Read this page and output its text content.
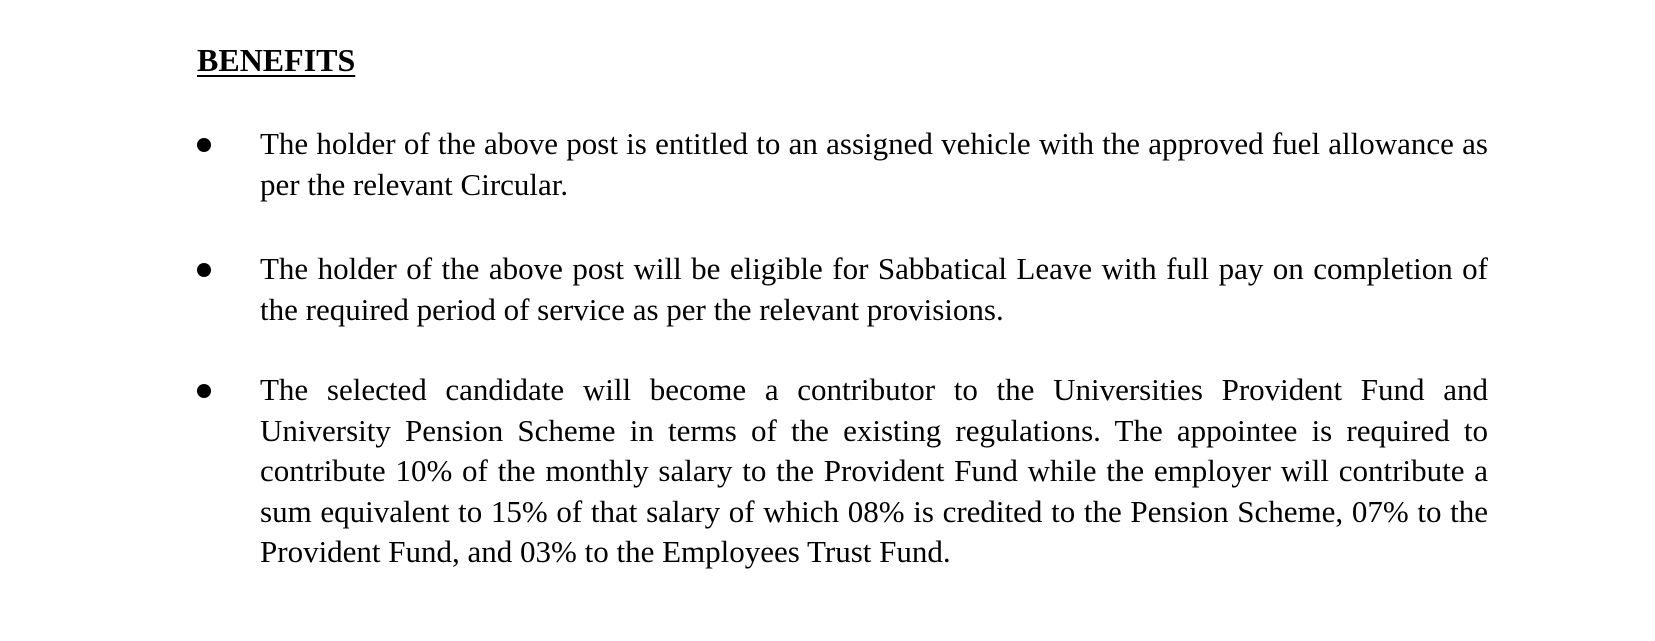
BENEFITS

The holder of the above post is entitled to an assigned vehicle with the approved fuel allowance as per the relevant Circular.

The holder of the above post will be eligible for Sabbatical Leave with full pay on completion of the required period of service as per the relevant provisions.

The selected candidate will become a contributor to the Universities Provident Fund and University Pension Scheme in terms of the existing regulations. The appointee is required to contribute 10% of the monthly salary to the Provident Fund while the employer will contribute a sum equivalent to 15% of that salary of which 08% is credited to the Pension Scheme, 07% to the Provident Fund, and 03% to the Employees Trust Fund.
